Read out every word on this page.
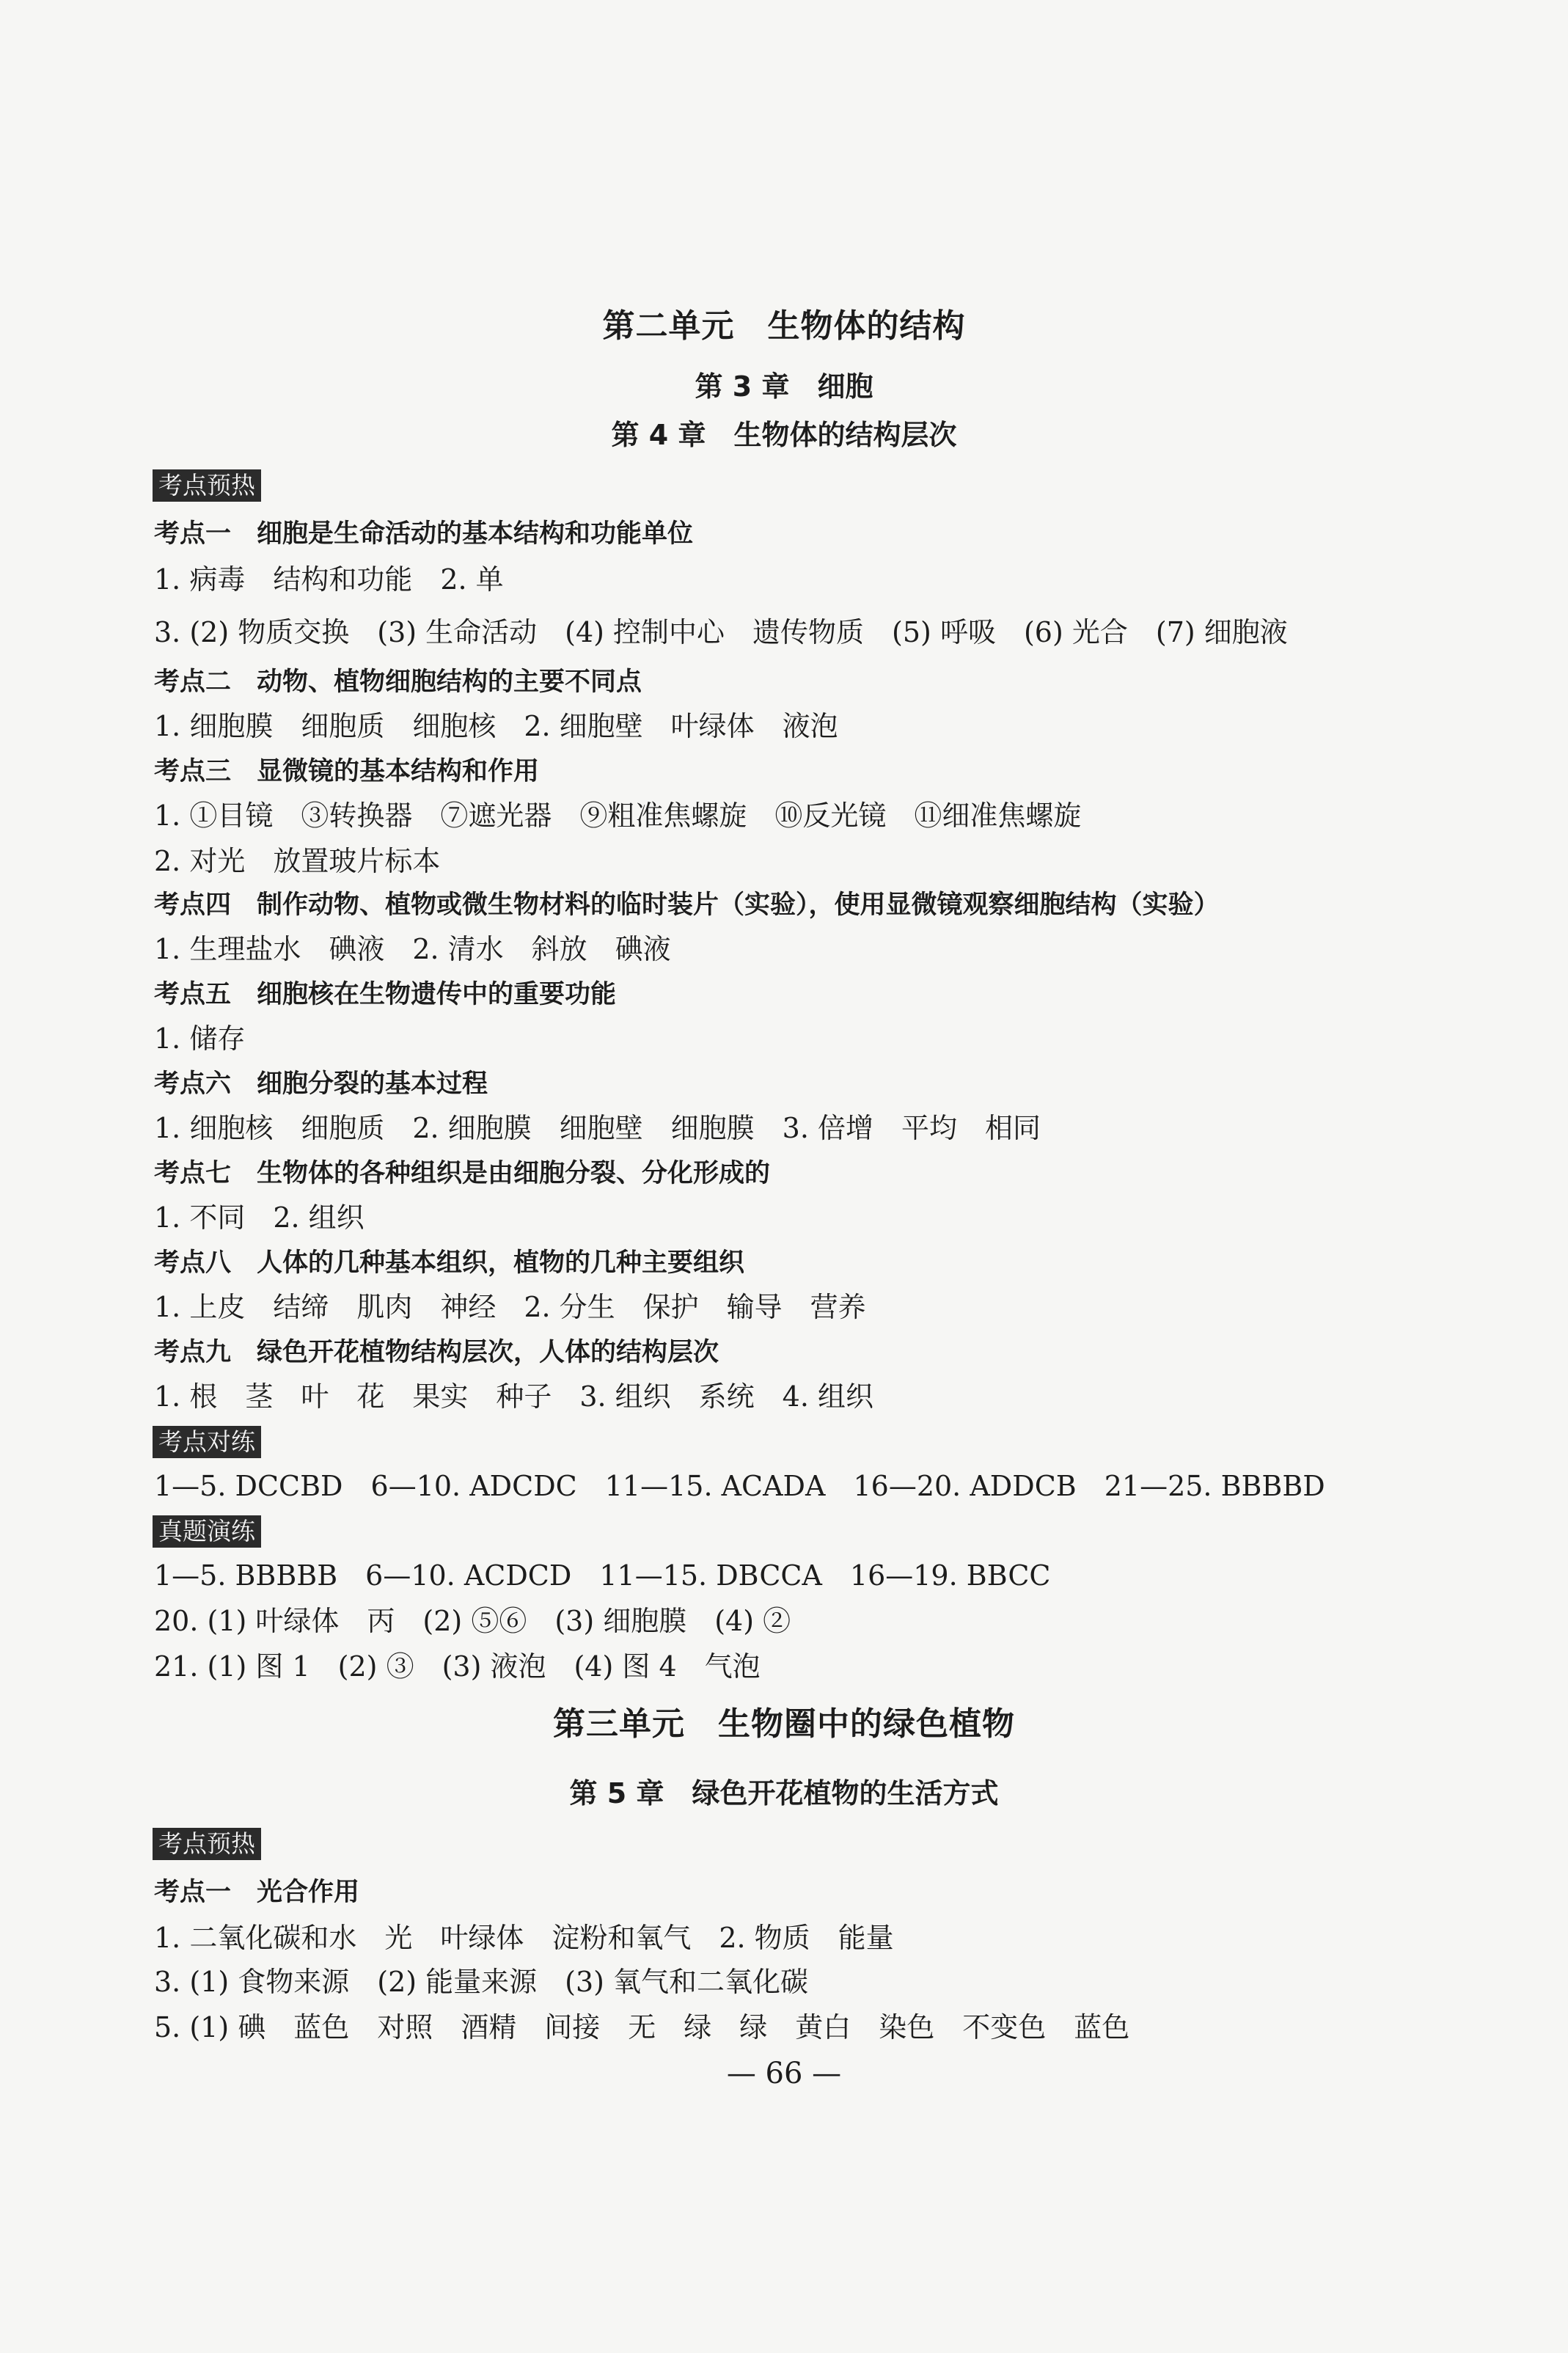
第二单元　生物体的结构
第 3 章　细胞
第 4 章　生物体的结构层次
考点预热
考点一　细胞是生命活动的基本结构和功能单位
1. 病毒　结构和功能　2. 单
3. (2) 物质交换　(3) 生命活动　(4) 控制中心　遗传物质　(5) 呼吸　(6) 光合　(7) 细胞液
考点二　动物、植物细胞结构的主要不同点
1. 细胞膜　细胞质　细胞核　2. 细胞壁　叶绿体　液泡
考点三　显微镜的基本结构和作用
1. ①目镜　③转换器　⑦遮光器　⑨粗准焦螺旋　⑩反光镜　⑪细准焦螺旋
2. 对光　放置玻片标本
考点四　制作动物、植物或微生物材料的临时装片（实验），使用显微镜观察细胞结构（实验）
1. 生理盐水　碘液　2. 清水　斜放　碘液
考点五　细胞核在生物遗传中的重要功能
1. 储存
考点六　细胞分裂的基本过程
1. 细胞核　细胞质　2. 细胞膜　细胞壁　细胞膜　3. 倍增　平均　相同
考点七　生物体的各种组织是由细胞分裂、分化形成的
1. 不同　2. 组织
考点八　人体的几种基本组织，植物的几种主要组织
1. 上皮　结缔　肌肉　神经　2. 分生　保护　输导　营养
考点九　绿色开花植物结构层次，人体的结构层次
1. 根　茎　叶　花　果实　种子　3. 组织　系统　4. 组织
考点对练
1—5. DCCBD　6—10. ADCDC　11—15. ACADA　16—20. ADDCB　21—25. BBBBD
真题演练
1—5. BBBBB　6—10. ACDCD　11—15. DBCCA　16—19. BBCC
20. (1) 叶绿体　丙　(2) ⑤⑥　(3) 细胞膜　(4) ②
21. (1) 图 1　(2) ③　(3) 液泡　(4) 图 4　气泡
第三单元　生物圈中的绿色植物
第 5 章　绿色开花植物的生活方式
考点预热
考点一　光合作用
1. 二氧化碳和水　光　叶绿体　淀粉和氧气　2. 物质　能量
3. (1) 食物来源　(2) 能量来源　(3) 氧气和二氧化碳
5. (1) 碘　蓝色　对照　酒精　间接　无　绿　绿　黄白　染色　不变色　蓝色
— 66 —
